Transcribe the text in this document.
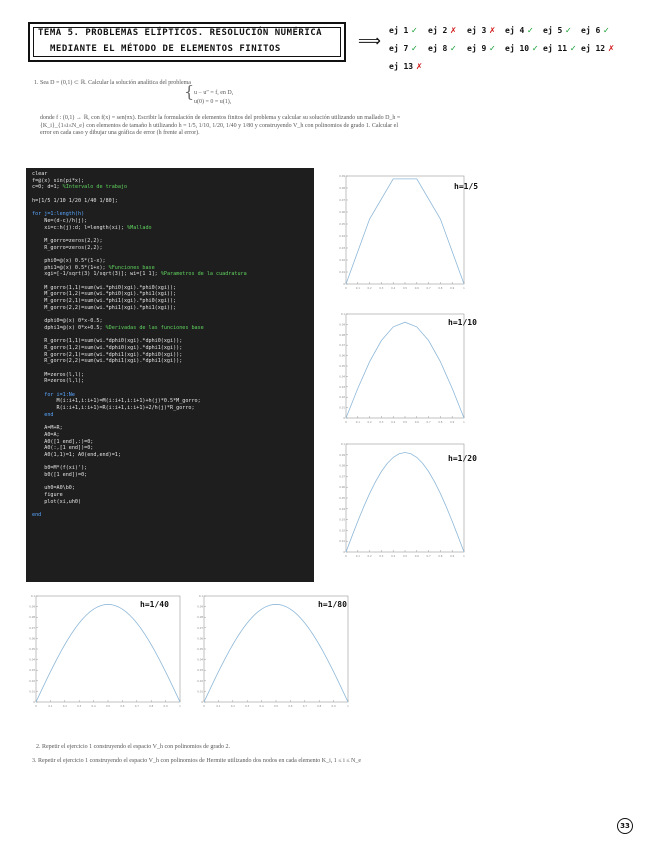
TEMA 5. PROBLEMAS ELÍPTICOS. RESOLUCIÓN NUMÉRICA
MEDIANTE EL MÉTODO DE ELEMENTOS FINITOS	⟹
ej 1 ✓ ej 2 ✗ ej 3 ✗ ej 4 ✓ ej 5 ✓ ej 6 ✓
ej 7 ✓ ej 8 ✓ ej 9 ✓ ej 10 ✓ ej 11 ✓ ej 12 ✗
ej 13 ✗
1. Sea D = (0,1) ⊂ ℝ. Calcular la solución analítica del problema
{ u − u″ = f, en D,
u(0) = 0 = u(1),
donde f : (0,1) → ℝ, con f(x) = sen(πx). Escribir la formulación de elementos finitos del problema y calcular su solución utilizando un mallado D_h = {K_i}_{1≤i≤N_e} con elementos de tamaño h utilizando h = 1/5, 1/10, 1/20, 1/40 y 1/80 y construyendo V_h con polinomios de grado 1. Calcular el error en cada caso y dibujar una gráfica de error (h frente al error).
clear
f=@(x) sin(pi*x);
c=0; d=1; %Intervalo de trabajo
h=[1/5 1/10 1/20 1/40 1/80];
for j=1:length(h)
Ne=(d-c)/h(j);
xi=c:h(j):d; l=length(xi); %Mallado
M_gorro=zeros(2,2);
R_gorro=zeros(2,2);
phi0=@(x) 0.5*(1-x);
phi1=@(x) 0.5*(1+x); %Funciones base
xgi=[-1/sqrt(3) 1/sqrt(3)]; wi=[1 1]; %Parametros de la cuadratura
M_gorro(1,1)=sum(wi.*phi0(xgi).*phi0(xgi));
M_gorro(1,2)=sum(wi.*phi0(xgi).*phi1(xgi));
M_gorro(2,1)=sum(wi.*phi1(xgi).*phi0(xgi));
M_gorro(2,2)=sum(wi.*phi1(xgi).*phi1(xgi));
dphi0=@(x) 0*x-0.5;
dphi1=@(x) 0*x+0.5; %Derivadas de las funciones base
R_gorro(1,1)=sum(wi.*dphi0(xgi).*dphi0(xgi));
R_gorro(1,2)=sum(wi.*dphi0(xgi).*dphi1(xgi));
R_gorro(2,1)=sum(wi.*dphi1(xgi).*dphi0(xgi));
R_gorro(2,2)=sum(wi.*dphi1(xgi).*dphi1(xgi));
M=zeros(l,l);
R=zeros(l,l);
for i=1:Ne
M(i:i+1,i:i+1)=M(i:i+1,i:i+1)+h(j)*0.5*M_gorro;
R(i:i+1,i:i+1)=R(i:i+1,i:i+1)+2/h(j)*R_gorro;
end
A=M+R;
A0=A;
A0([1 end],:)=0;
A0(:,[1 end])=0;
A0(1,1)=1; A0(end,end)=1;
b0=M*(f(xi)');
b0([1 end])=0;
uh0=A0\b0;
figure
plot(xi,uh0)
end
0.09
0.08
0.07
0.06
0.05
0.04
0.03
0.02
0.01
0
0	0.1	0.2	0.3	0.4	0.5	0.6	0.7	0.8	0.9	1
h=1/5
0.1
0.09
0.08
0.07
0.06
0.05
0.04
0.03
0.02
0.01
0
0	0.1	0.2	0.3	0.4	0.5	0.6	0.7	0.8	0.9	1
h=1/10
0.1
0.09
0.08
0.07
0.06
0.05
0.04
0.03
0.02
0.01
0
0	0.1	0.2	0.3	0.4	0.5	0.6	0.7	0.8	0.9	1
h=1/20
0.1
0.09
0.08
0.07
0.06
0.05
0.04
0.03
0.02
0.01
0
0	0.1	0.2	0.3	0.4	0.5	0.6	0.7	0.8	0.9	1
h=1/40
0.1
0.09
0.08
0.07
0.06
0.05
0.04
0.03
0.02
0.01
0
0	0.1	0.2	0.3	0.4	0.5	0.6	0.7	0.8	0.9	1
h=1/80
2. Repetir el ejercicio 1 construyendo el espacio V_h con polinomios de grado 2.
3. Repetir el ejercicio 1 construyendo el espacio V_h con polinomios de Hermite utilizando dos nodos en cada elemento K_i, 1 ≤ i ≤ N_e
33
